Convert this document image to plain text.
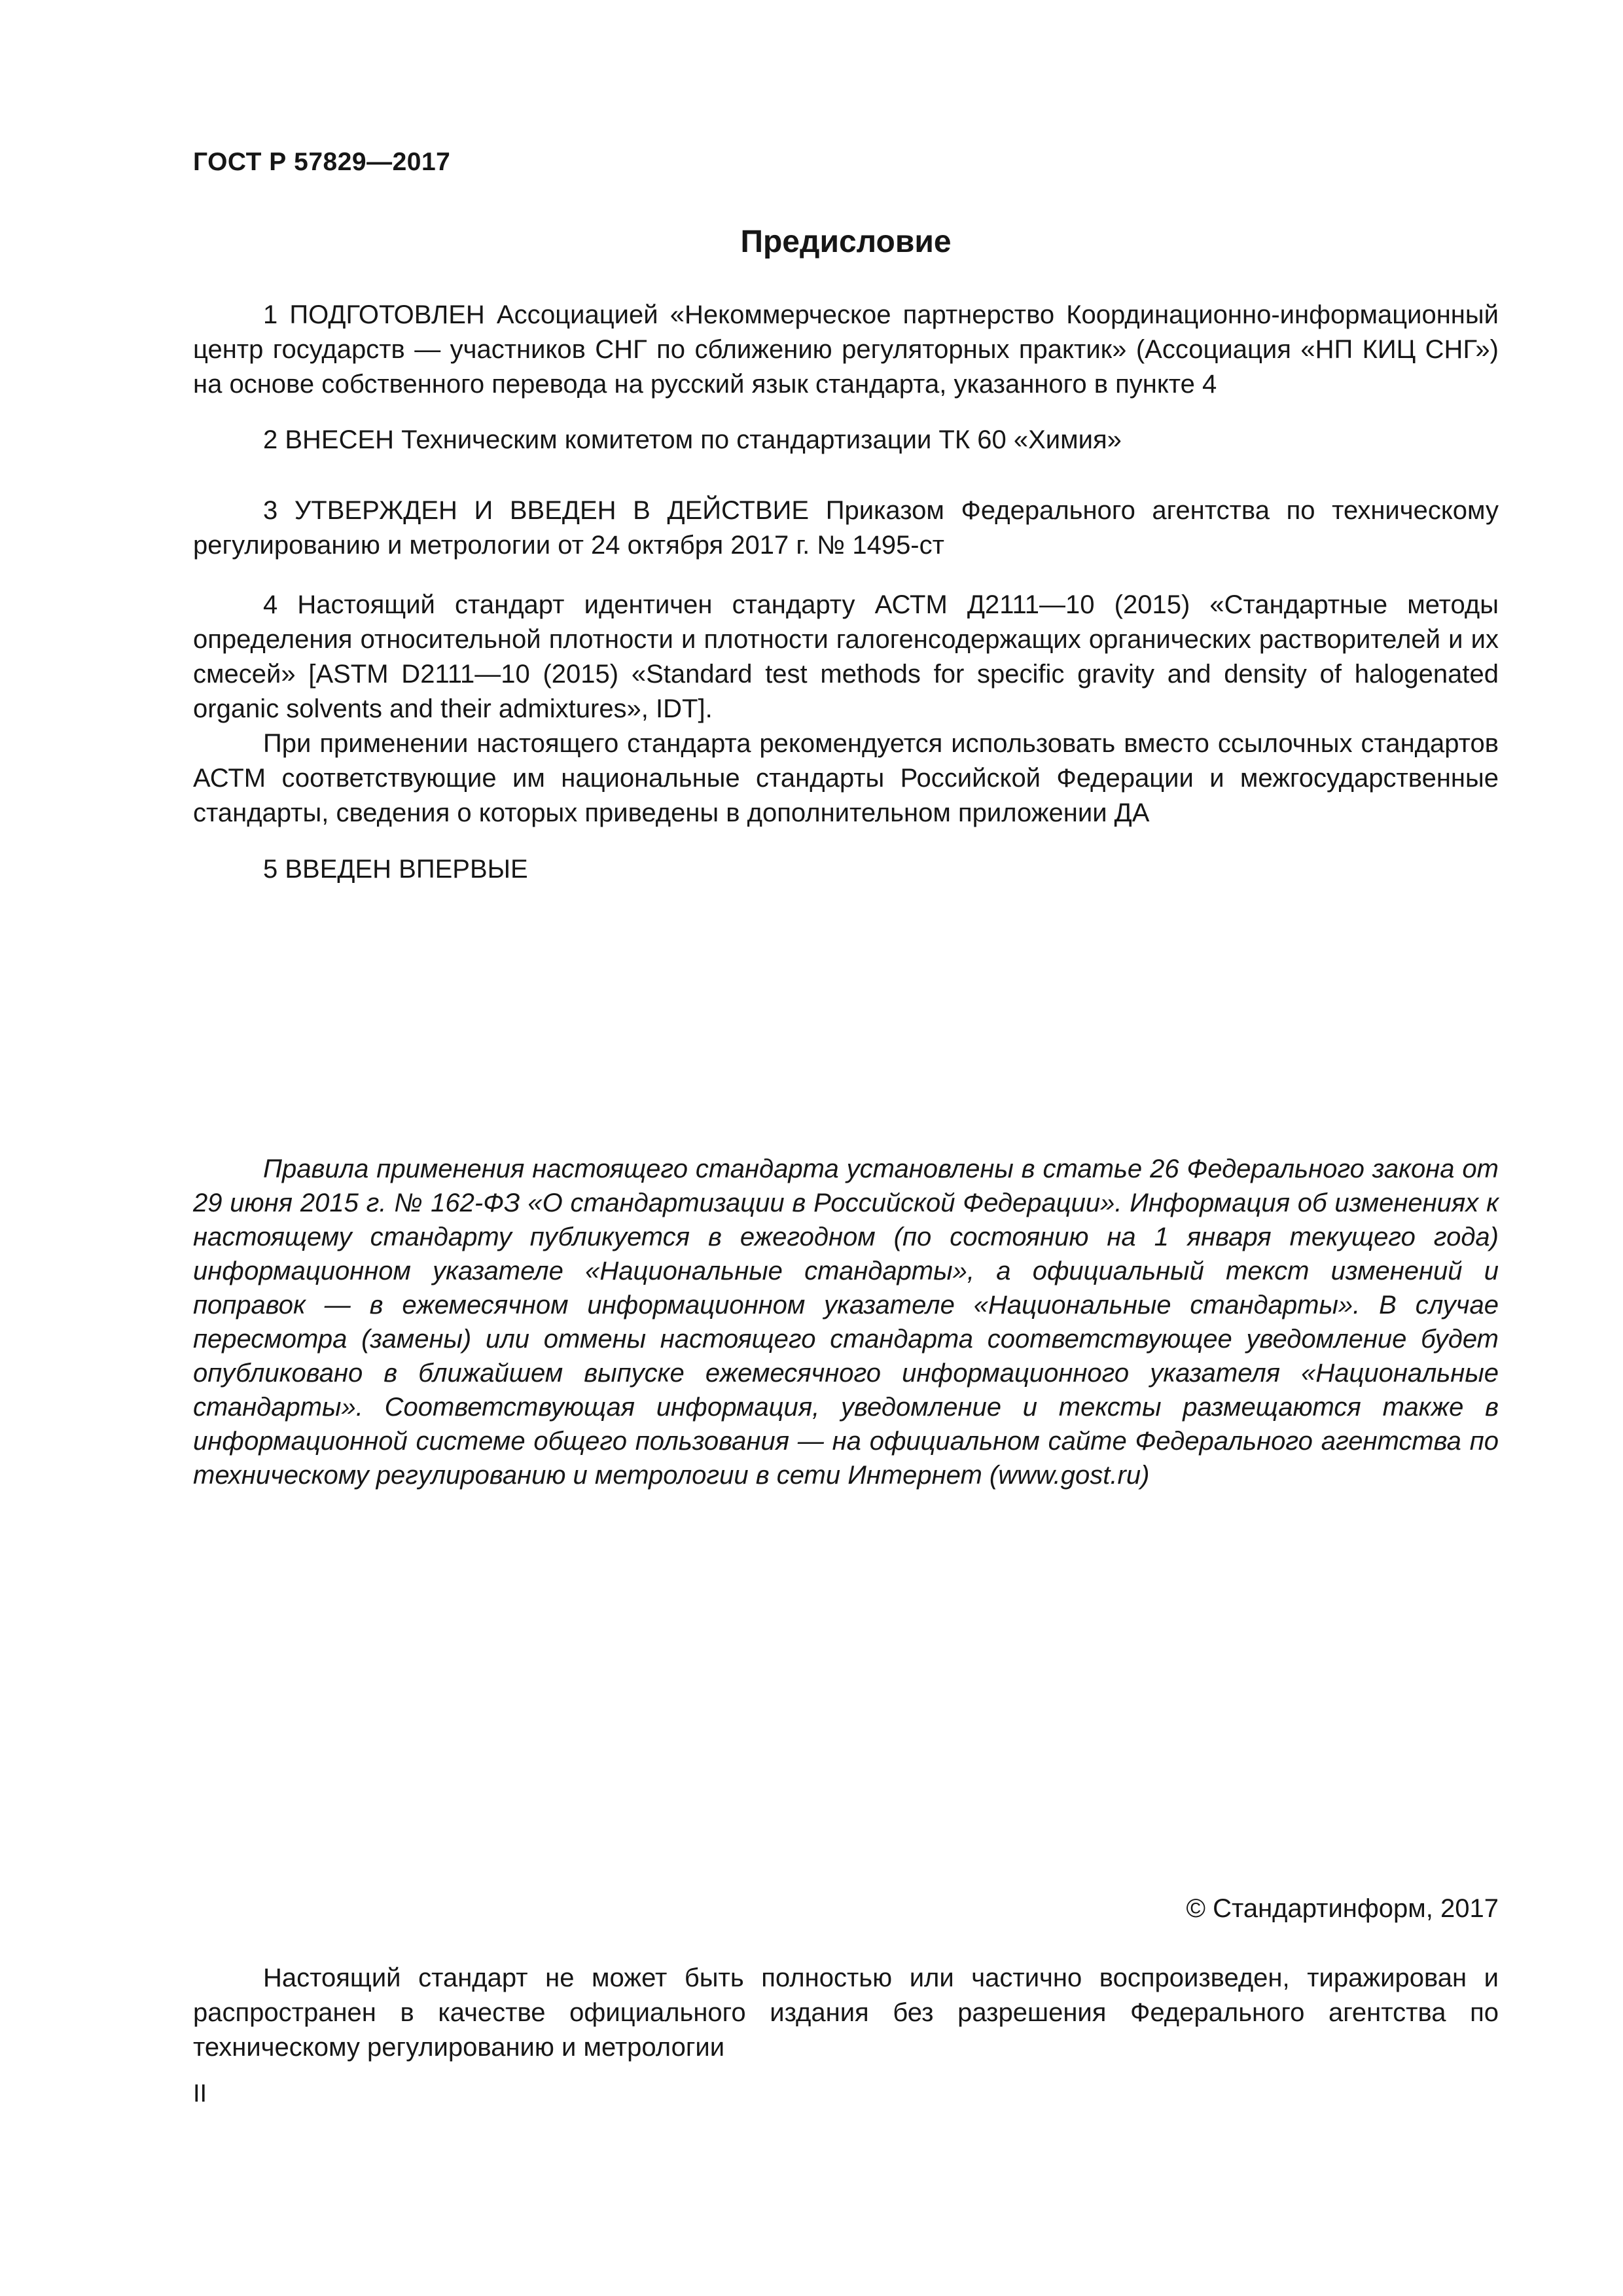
ГОСТ Р 57829—2017
Предисловие

1 ПОДГОТОВЛЕН Ассоциацией «Некоммерческое партнерство Координационно-информационный центр государств — участников СНГ по сближению регуляторных практик» (Ассоциация «НП КИЦ СНГ») на основе собственного перевода на русский язык стандарта, указанного в пункте 4

2 ВНЕСЕН Техническим комитетом по стандартизации ТК 60 «Химия»

3 УТВЕРЖДЕН И ВВЕДЕН В ДЕЙСТВИЕ Приказом Федерального агентства по техническому регулированию и метрологии от 24 октября 2017 г. № 1495-ст

4 Настоящий стандарт идентичен стандарту АСТМ Д2111—10 (2015) «Стандартные методы определения относительной плотности и плотности галогенсодержащих органических растворителей и их смесей» [ASTM D2111—10 (2015) «Standard test methods for specific gravity and density of halogenated organic solvents and their admixtures», IDT].

При применении настоящего стандарта рекомендуется использовать вместо ссылочных стандартов АСТМ соответствующие им национальные стандарты Российской Федерации и межгосударственные стандарты, сведения о которых приведены в дополнительном приложении ДА

5 ВВЕДЕН ВПЕРВЫЕ

Правила применения настоящего стандарта установлены в статье 26 Федерального закона от 29 июня 2015 г. № 162-ФЗ «О стандартизации в Российской Федерации». Информация об изменениях к настоящему стандарту публикуется в ежегодном (по состоянию на 1 января текущего года) информационном указателе «Национальные стандарты», а официальный текст изменений и поправок — в ежемесячном информационном указателе «Национальные стандарты». В случае пересмотра (замены) или отмены настоящего стандарта соответствующее уведомление будет опубликовано в ближайшем выпуске ежемесячного информационного указателя «Национальные стандарты». Соответствующая информация, уведомление и тексты размещаются также в информационной системе общего пользования — на официальном сайте Федерального агентства по техническому регулированию и метрологии в сети Интернет (www.gost.ru)

© Стандартинформ, 2017

Настоящий стандарт не может быть полностью или частично воспроизведен, тиражирован и распространен в качестве официального издания без разрешения Федерального агентства по техническому регулированию и метрологии

II
